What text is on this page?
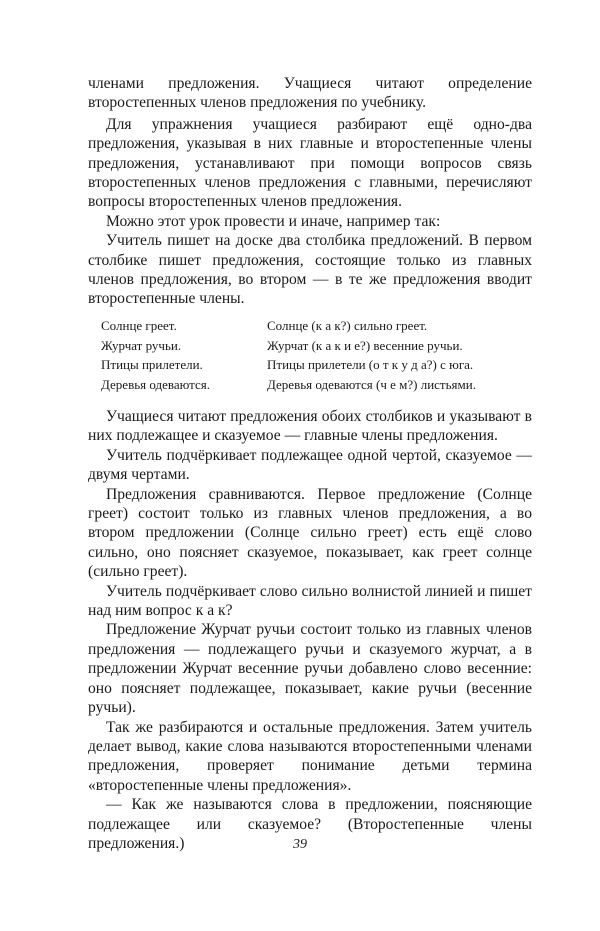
членами предложения. Учащиеся читают определение второстепенных членов предложения по учебнику.

Для упражнения учащиеся разбирают ещё одно-два предложения, указывая в них главные и второстепенные члены предложения, устанавливают при помощи вопросов связь второстепенных членов предложения с главными, перечисляют вопросы второстепенных членов предложения.

Можно этот урок провести и иначе, например так:

Учитель пишет на доске два столбика предложений. В первом столбике пишет предложения, состоящие только из главных членов предложения, во втором — в те же предложения вводит второстепенные члены.

Солнце греет.	Солнце (к а к?) сильно греет.
Журчат ручьи.	Журчат (к а к и е?) весенние ручьи.
Птицы прилетели.	Птицы прилетели (о т к у д а?) с юга.
Деревья одеваются.	Деревья одеваются (ч е м?) листьями.

Учащиеся читают предложения обоих столбиков и указывают в них подлежащее и сказуемое — главные члены предложения.

Учитель подчёркивает подлежащее одной чертой, сказуемое — двумя чертами.

Предложения сравниваются. Первое предложение (Солнце греет) состоит только из главных членов предложения, а во втором предложении (Солнце сильно греет) есть ещё слово сильно, оно поясняет сказуемое, показывает, как греет солнце (сильно греет).

Учитель подчёркивает слово сильно волнистой линией и пишет над ним вопрос к а к?

Предложение Журчат ручьи состоит только из главных членов предложения — подлежащего ручьи и сказуемого журчат, а в предложении Журчат весенние ручьи добавлено слово весенние: оно поясняет подлежащее, показывает, какие ручьи (весенние ручьи).

Так же разбираются и остальные предложения. Затем учитель делает вывод, какие слова называются второстепенными членами предложения, проверяет понимание детьми термина «второстепенные члены предложения».

— Как же называются слова в предложении, поясняющие подлежащее или сказуемое? (Второстепенные члены предложения.)	39
